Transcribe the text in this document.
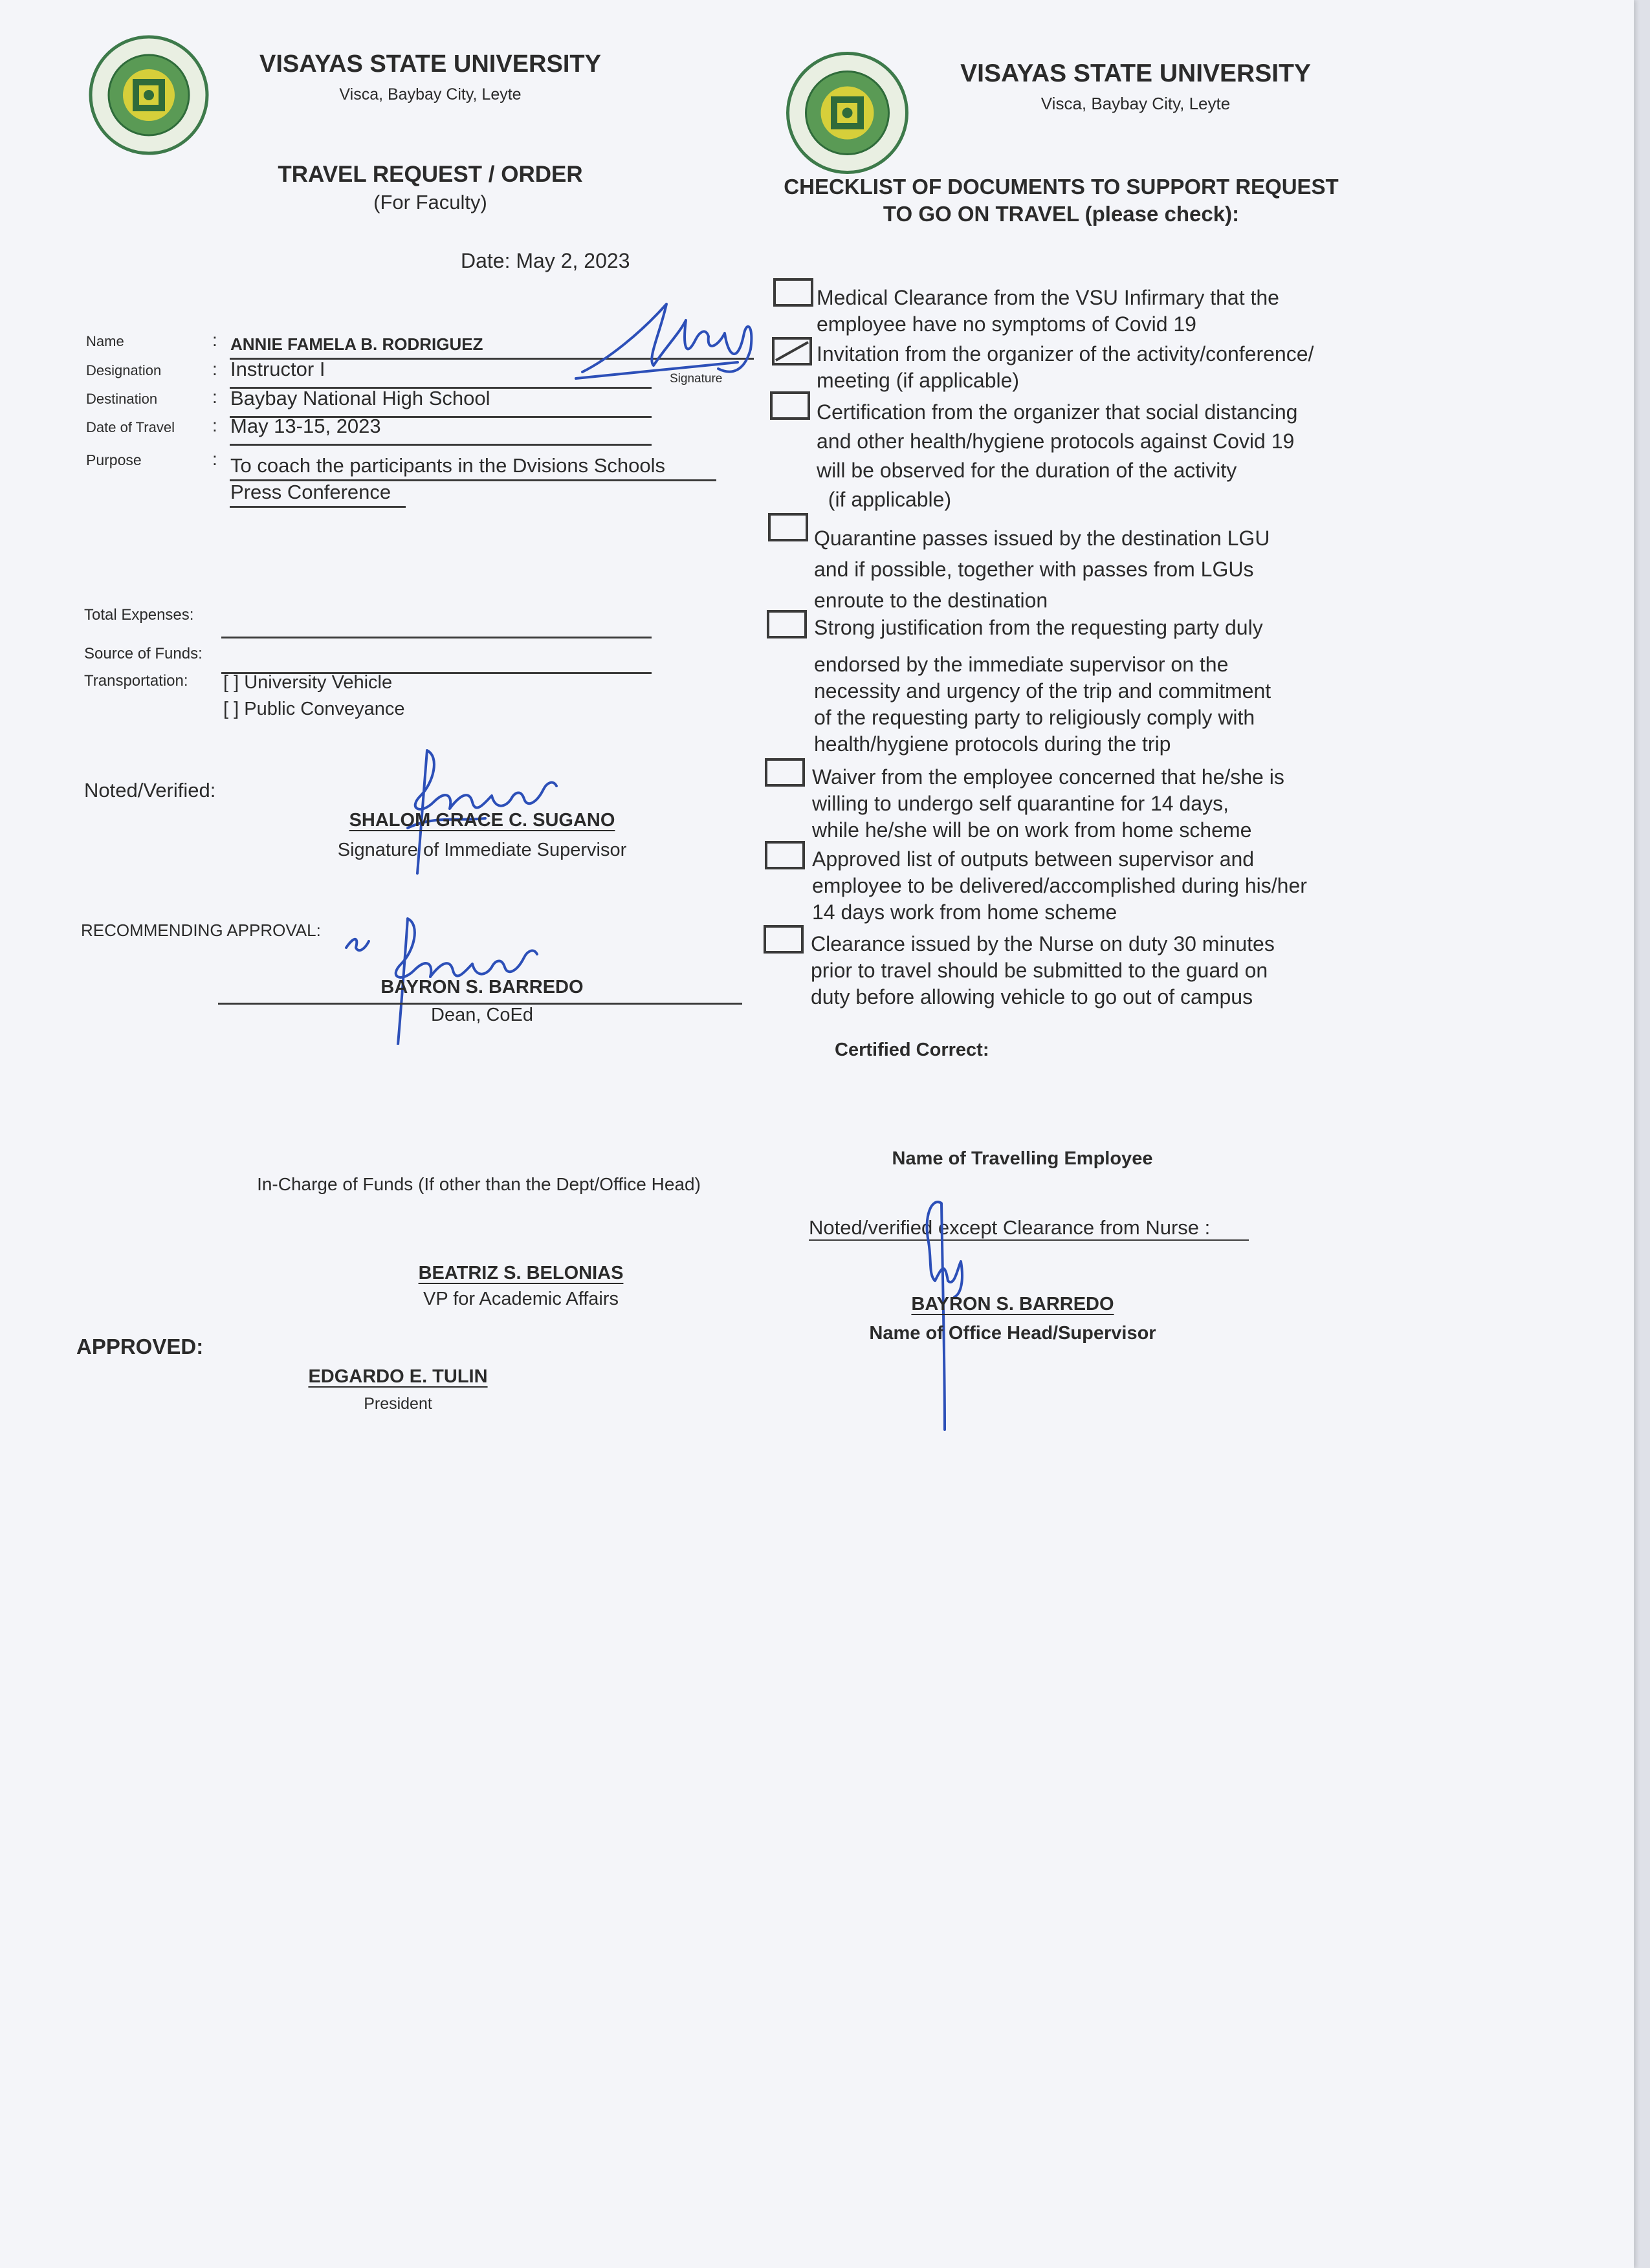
VISAYAS STATE UNIVERSITY
Visca, Baybay City, Leyte
TRAVEL REQUEST / ORDER
(For Faculty)
Date: May 2, 2023
Name	: ANNIE FAMELA B. RODRIGUEZ
Designation	: Instructor I
Destination	: Baybay National High School
Date of Travel : May 13-15, 2023
Purpose	: To coach the participants in the Dvisions Schools
Press Conference
Signature
Total Expenses:
Source of Funds:
Transportation: [ ] University Vehicle
[ ] Public Conveyance
Noted/Verified:
SHALOM GRACE C. SUGANO
Signature of Immediate Supervisor
RECOMMENDING APPROVAL:
BAYRON S. BARREDO
Dean, CoEd
In-Charge of Funds (If other than the Dept/Office Head)
BEATRIZ S. BELONIAS
VP for Academic Affairs
APPROVED:
EDGARDO E. TULIN
President
VISAYAS STATE UNIVERSITY
Visca, Baybay City, Leyte
CHECKLIST OF DOCUMENTS TO SUPPORT REQUEST
TO GO ON TRAVEL (please check):
Medical Clearance from the VSU Infirmary that the
employee have no symptoms of Covid 19
Invitation from the organizer of the activity/conference/
meeting (if applicable)
Certification from the organizer that social distancing
and other health/hygiene protocols against Covid 19
will be observed for the duration of the activity
(if applicable)
Quarantine passes issued by the destination LGU
and if possible, together with passes from LGUs
enroute to the destination
Strong justification from the requesting party duly
endorsed by the immediate supervisor on the
necessity and urgency of the trip and commitment
of the requesting party to religiously comply with
health/hygiene protocols during the trip
Waiver from the employee concerned that he/she is
willing to undergo self quarantine for 14 days,
while he/she will be on work from home scheme
Approved list of outputs between supervisor and
employee to be delivered/accomplished during his/her
14 days work from home scheme
Clearance issued by the Nurse on duty 30 minutes
prior to travel should be submitted to the guard on
duty before allowing vehicle to go out of campus
Certified Correct:
Name of Travelling Employee
Noted/verified except Clearance from Nurse :
BAYRON S. BARREDO
Name of Office Head/Supervisor
